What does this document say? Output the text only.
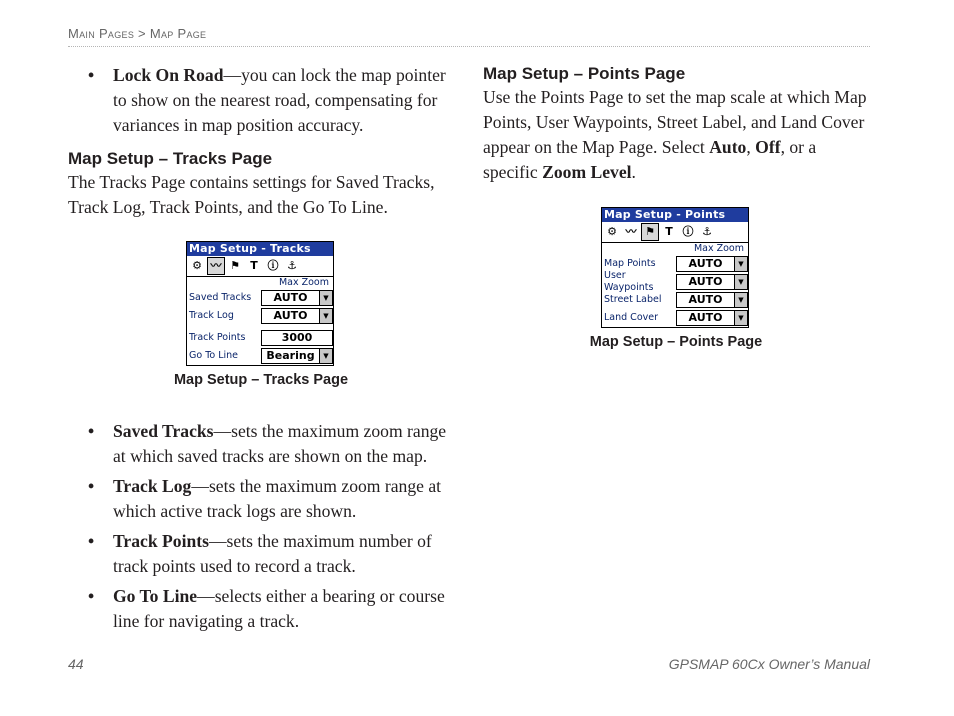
Main Pages > Map Page
• Lock On Road—you can lock the map pointer to show on the nearest road, compensating for variances in map position accuracy.
Map Setup – Tracks Page

The Tracks Page contains settings for Saved Tracks, Track Log, Track Points, and the Go To Line.

Map Setup - Tracks
⚙ 〰 ⚑ T ⓘ ⚓
Max Zoom
Saved Tracks	AUTO	▼
Track Log	AUTO	▼
Track Points	3000
Go To Line	Bearing	▼
Map Setup – Tracks Page
• Saved Tracks—sets the maximum zoom range at which saved tracks are shown on the map.
• Track Log—sets the maximum zoom range at which active track logs are shown.
• Track Points—sets the maximum number of track points used to record a track.
• Go To Line—selects either a bearing or course line for navigating a track.
Map Setup – Points Page

Use the Points Page to set the map scale at which Map Points, User Waypoints, Street Label, and Land Cover appear on the Map Page. Select Auto, Off, or a specific Zoom Level.

Map Setup - Points
⚙ 〰 ⚑ T ⓘ ⚓
Max Zoom
Map Points	AUTO	▼
User Waypoints	AUTO	▼
Street Label	AUTO	▼
Land Cover	AUTO	▼
Map Setup – Points Page
44	GPSMAP 60Cx Owner’s Manual
